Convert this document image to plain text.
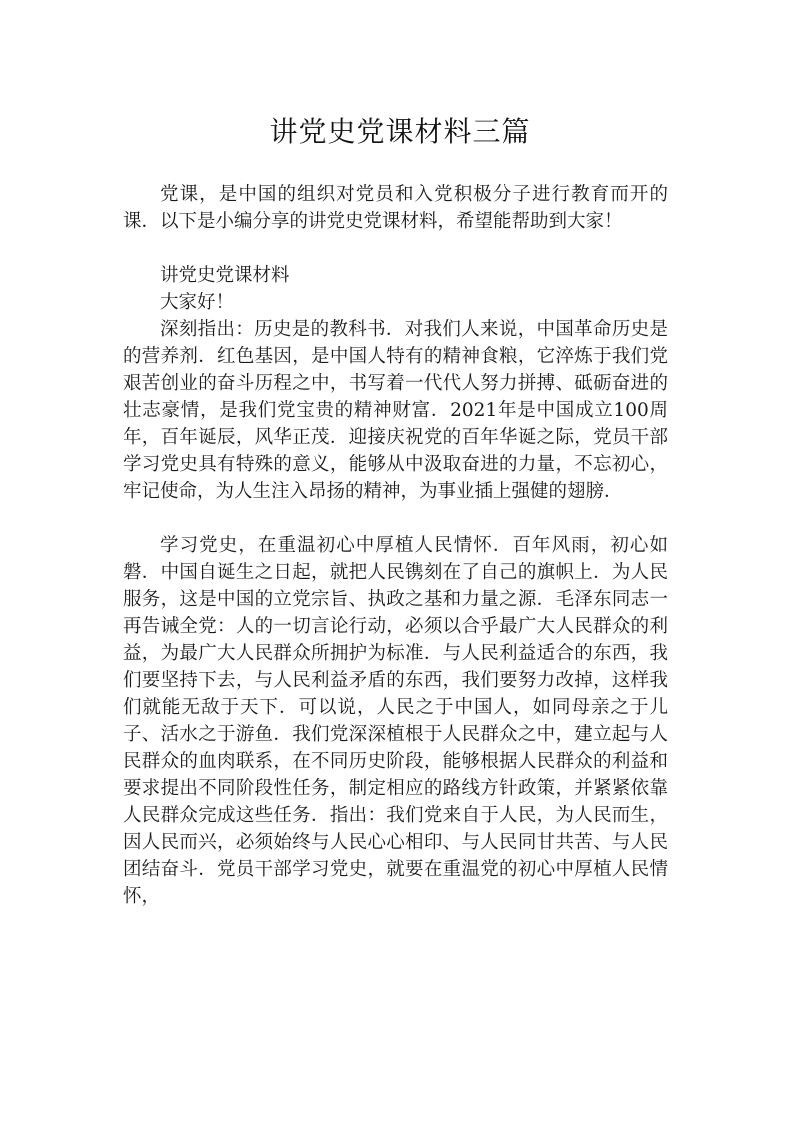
讲党史党课材料三篇

党课，是中国的组织对党员和入党积极分子进行教育而开的课．以下是小编分享的讲党史党课材料，希望能帮助到大家！

讲党史党课材料

大家好！

深刻指出：历史是的教科书．对我们人来说，中国革命历史是的营养剂．红色基因，是中国人特有的精神食粮，它淬炼于我们党艰苦创业的奋斗历程之中，书写着一代代人努力拼搏、砥砺奋进的壮志豪情，是我们党宝贵的精神财富．2021年是中国成立100周年，百年诞辰，风华正茂．迎接庆祝党的百年华诞之际，党员干部学习党史具有特殊的意义，能够从中汲取奋进的力量，不忘初心，牢记使命，为人生注入昂扬的精神，为事业插上强健的翅膀．

学习党史，在重温初心中厚植人民情怀．百年风雨，初心如磐．中国自诞生之日起，就把人民镌刻在了自己的旗帜上．为人民服务，这是中国的立党宗旨、执政之基和力量之源．毛泽东同志一再告诫全党：人的一切言论行动，必须以合乎最广大人民群众的利益，为最广大人民群众所拥护为标准．与人民利益适合的东西，我们要坚持下去，与人民利益矛盾的东西，我们要努力改掉，这样我们就能无敌于天下．可以说，人民之于中国人，如同母亲之于儿子、活水之于游鱼．我们党深深植根于人民群众之中，建立起与人民群众的血肉联系，在不同历史阶段，能够根据人民群众的利益和要求提出不同阶段性任务，制定相应的路线方针政策，并紧紧依靠人民群众完成这些任务．指出：我们党来自于人民，为人民而生，因人民而兴，必须始终与人民心心相印、与人民同甘共苦、与人民团结奋斗．党员干部学习党史，就要在重温党的初心中厚植人民情怀，
